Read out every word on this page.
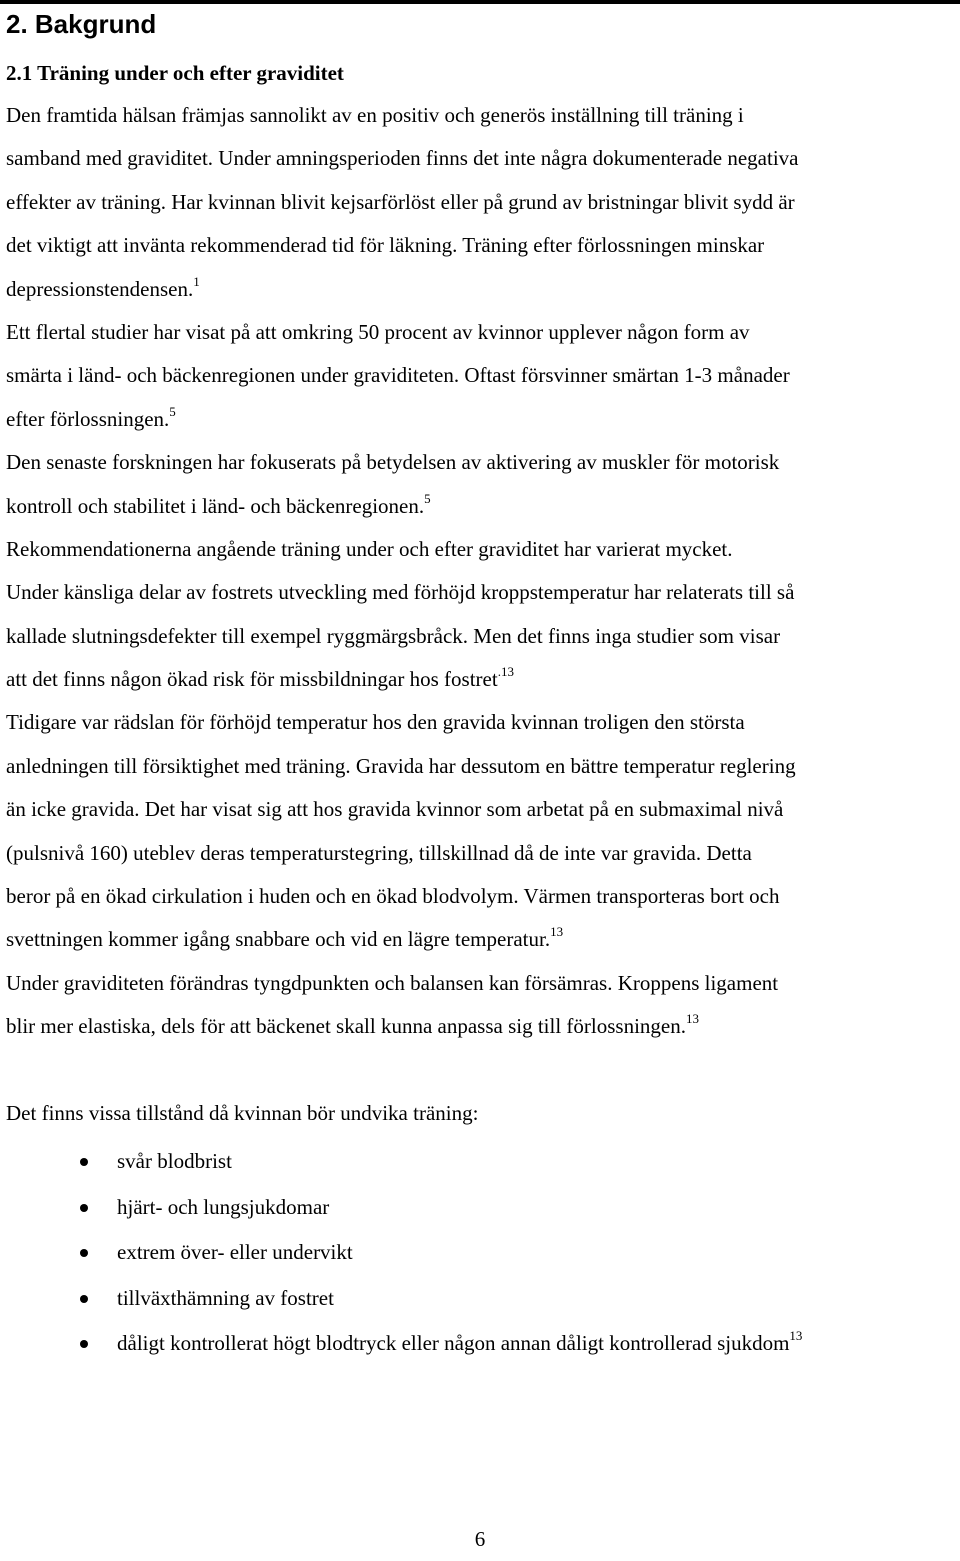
2. Bakgrund
2.1 Träning under och efter graviditet
Den framtida hälsan främjas sannolikt av en positiv och generös inställning till träning i
samband med graviditet. Under amningsperioden finns det inte några dokumenterade negativa
effekter av träning. Har kvinnan blivit kejsarförlöst eller på grund av bristningar blivit sydd är
det viktigt att invänta rekommenderad tid för läkning. Träning efter förlossningen minskar
depressionstendensen.$^1$
Ett flertal studier har visat på att omkring 50 procent av kvinnor upplever någon form av
smärta i länd- och bäckenregionen under graviditeten. Oftast försvinner smärtan 1-3 månader
efter förlossningen.$^5$
Den senaste forskningen har fokuserats på betydelsen av aktivering av muskler för motorisk
kontroll och stabilitet i länd- och bäckenregionen.$^5$
Rekommendationerna angående träning under och efter graviditet har varierat mycket.
Under känsliga delar av fostrets utveckling med förhöjd kroppstemperatur har relaterats till så
kallade slutningsdefekter till exempel ryggmärgsbråck. Men det finns inga studier som visar
att det finns någon ökad risk för missbildningar hos fostret$^{.13}$
Tidigare var rädslan för förhöjd temperatur hos den gravida kvinnan troligen den största
anledningen till försiktighet med träning. Gravida har dessutom en bättre temperatur reglering
än icke gravida. Det har visat sig att hos gravida kvinnor som arbetat på en submaximal nivå
(pulsnivå 160) uteblev deras temperaturstegring, tillskillnad då de inte var gravida. Detta
beror på en ökad cirkulation i huden och en ökad blodvolym. Värmen transporteras bort och
svettningen kommer igång snabbare och vid en lägre temperatur.$^{13}$
Under graviditeten förändras tyngdpunkten och balansen kan försämras. Kroppens ligament
blir mer elastiska, dels för att bäckenet skall kunna anpassa sig till förlossningen.$^{13}$
Det finns vissa tillstånd då kvinnan bör undvika träning:
svår blodbrist
hjärt- och lungsjukdomar
extrem över- eller undervikt
tillväxthämning av fostret
dåligt kontrollerat högt blodtryck eller någon annan dåligt kontrollerad sjukdom$^{13}$
6
